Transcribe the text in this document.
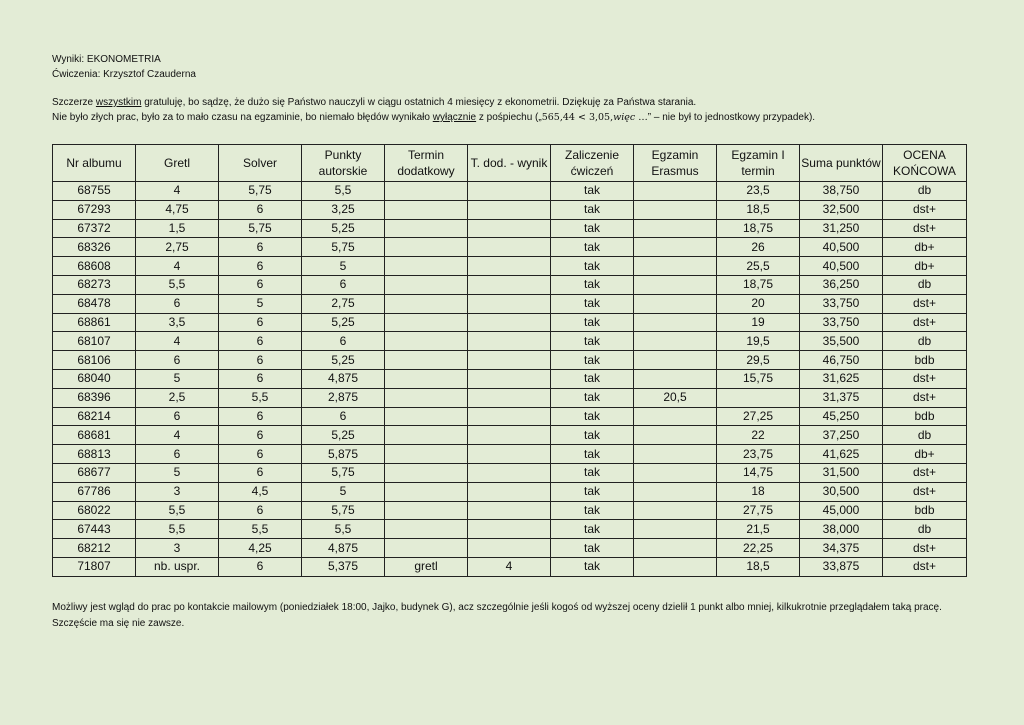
Wyniki: EKONOMETRIA
Ćwiczenia: Krzysztof Czauderna
Szczerze wszystkim gratuluję, bo sądzę, że dużo się Państwo nauczyli w ciągu ostatnich 4 miesięcy z ekonometrii. Dziękuję za Państwa starania.
Nie było złych prac, było za to mało czasu na egzaminie, bo niemało błędów wynikało wyłącznie z pośpiechu („565,44 < 3,05,więc …” – nie był to jednostkowy przypadek).
Nr albumu	Gretl	Solver	Punkty autorskie	Termin dodatkowy	T. dod. - wynik	Zaliczenie ćwiczeń	Egzamin Erasmus	Egzamin I termin	Suma punktów	OCENA KOŃCOWA
68755	4	5,75	5,5			tak		23,5	38,750	db
67293	4,75	6	3,25			tak		18,5	32,500	dst+
67372	1,5	5,75	5,25			tak		18,75	31,250	dst+
68326	2,75	6	5,75			tak		26	40,500	db+
68608	4	6	5			tak		25,5	40,500	db+
68273	5,5	6	6			tak		18,75	36,250	db
68478	6	5	2,75			tak		20	33,750	dst+
68861	3,5	6	5,25			tak		19	33,750	dst+
68107	4	6	6			tak		19,5	35,500	db
68106	6	6	5,25			tak		29,5	46,750	bdb
68040	5	6	4,875			tak		15,75	31,625	dst+
68396	2,5	5,5	2,875			tak	20,5		31,375	dst+
68214	6	6	6			tak		27,25	45,250	bdb
68681	4	6	5,25			tak		22	37,250	db
68813	6	6	5,875			tak		23,75	41,625	db+
68677	5	6	5,75			tak		14,75	31,500	dst+
67786	3	4,5	5			tak		18	30,500	dst+
68022	5,5	6	5,75			tak		27,75	45,000	bdb
67443	5,5	5,5	5,5			tak		21,5	38,000	db
68212	3	4,25	4,875			tak		22,25	34,375	dst+
71807	nb. uspr.	6	5,375	gretl	4	tak		18,5	33,875	dst+
Możliwy jest wgląd do prac po kontakcie mailowym (poniedziałek 18:00, Jajko, budynek G), acz szczególnie jeśli kogoś od wyższej oceny dzielił 1 punkt albo mniej, kilkukrotnie przeglądałem taką pracę.
Szczęście ma się nie zawsze.
